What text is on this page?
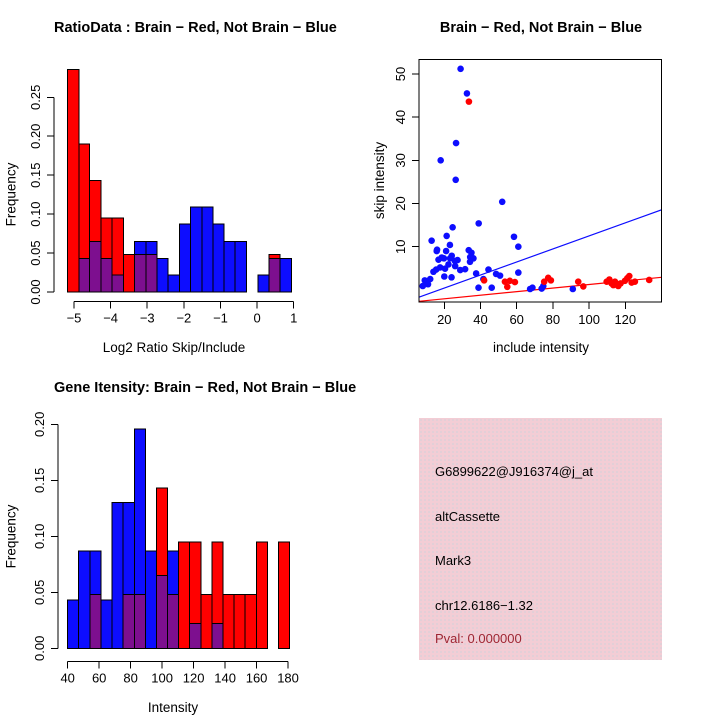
−5 −4 −3 −2 −1 0 1
0.00
0.05
0.10
0.15
0.20
0.25
RatioData : Brain − Red, Not Brain − Blue
Frequency
Log2 Ratio Skip/Include
20 40 60 80 100 120
10
20
30
40
50
Brain − Red, Not Brain − Blue
skip intensity
include intensity
40 60 80 100 120 140 160 180
0.00
0.05
0.10
0.15
0.20
Gene Itensity: Brain − Red, Not Brain − Blue
Frequency
Intensity
G6899622@J916374@j_at
altCassette
Mark3
chr12.6186−1.32
Pval: 0.000000
